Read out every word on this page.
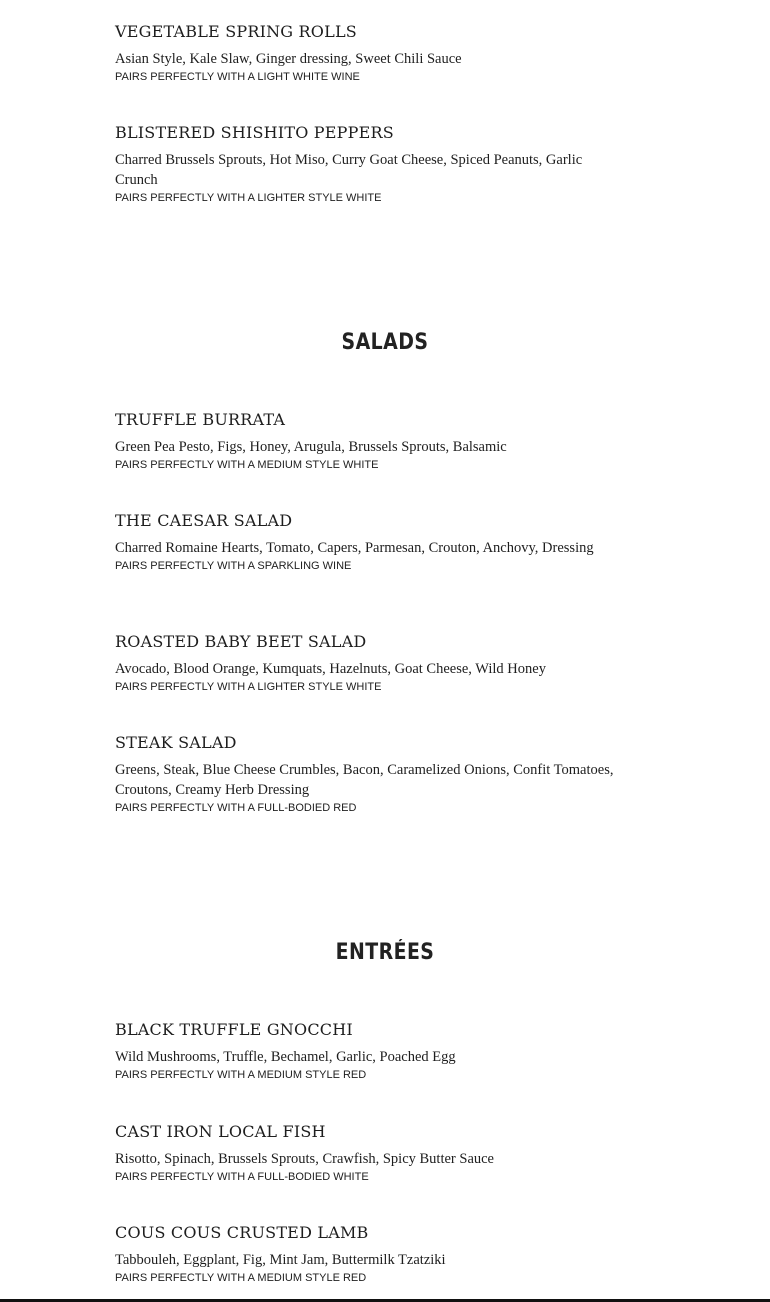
VEGETABLE SPRING ROLLS

Asian Style, Kale Slaw, Ginger dressing, Sweet Chili Sauce

PAIRS PERFECTLY WITH A LIGHT WHITE WINE

BLISTERED SHISHITO PEPPERS

Charred Brussels Sprouts, Hot Miso, Curry Goat Cheese, Spiced Peanuts, Garlic Crunch

PAIRS PERFECTLY WITH A LIGHTER STYLE WHITE

TRUFFLE BURRATA

Green Pea Pesto, Figs, Honey, Arugula, Brussels Sprouts, Balsamic

PAIRS PERFECTLY WITH A MEDIUM STYLE WHITE

THE CAESAR SALAD

Charred Romaine Hearts, Tomato, Capers, Parmesan, Crouton, Anchovy, Dressing

PAIRS PERFECTLY WITH A SPARKLING WINE

ROASTED BABY BEET SALAD

Avocado, Blood Orange, Kumquats, Hazelnuts, Goat Cheese, Wild Honey

PAIRS PERFECTLY WITH A LIGHTER STYLE WHITE

STEAK SALAD

Greens, Steak, Blue Cheese Crumbles, Bacon, Caramelized Onions, Confit Tomatoes, Croutons, Creamy Herb Dressing

PAIRS PERFECTLY WITH A FULL-BODIED RED

BLACK TRUFFLE GNOCCHI

Wild Mushrooms, Truffle, Bechamel, Garlic, Poached Egg

PAIRS PERFECTLY WITH A MEDIUM STYLE RED

CAST IRON LOCAL FISH

Risotto, Spinach, Brussels Sprouts, Crawfish, Spicy Butter Sauce

PAIRS PERFECTLY WITH A FULL-BODIED WHITE

COUS COUS CRUSTED LAMB

Tabbouleh, Eggplant, Fig, Mint Jam, Buttermilk Tzatziki

PAIRS PERFECTLY WITH A MEDIUM STYLE RED

SALADS
ENTRÉES
